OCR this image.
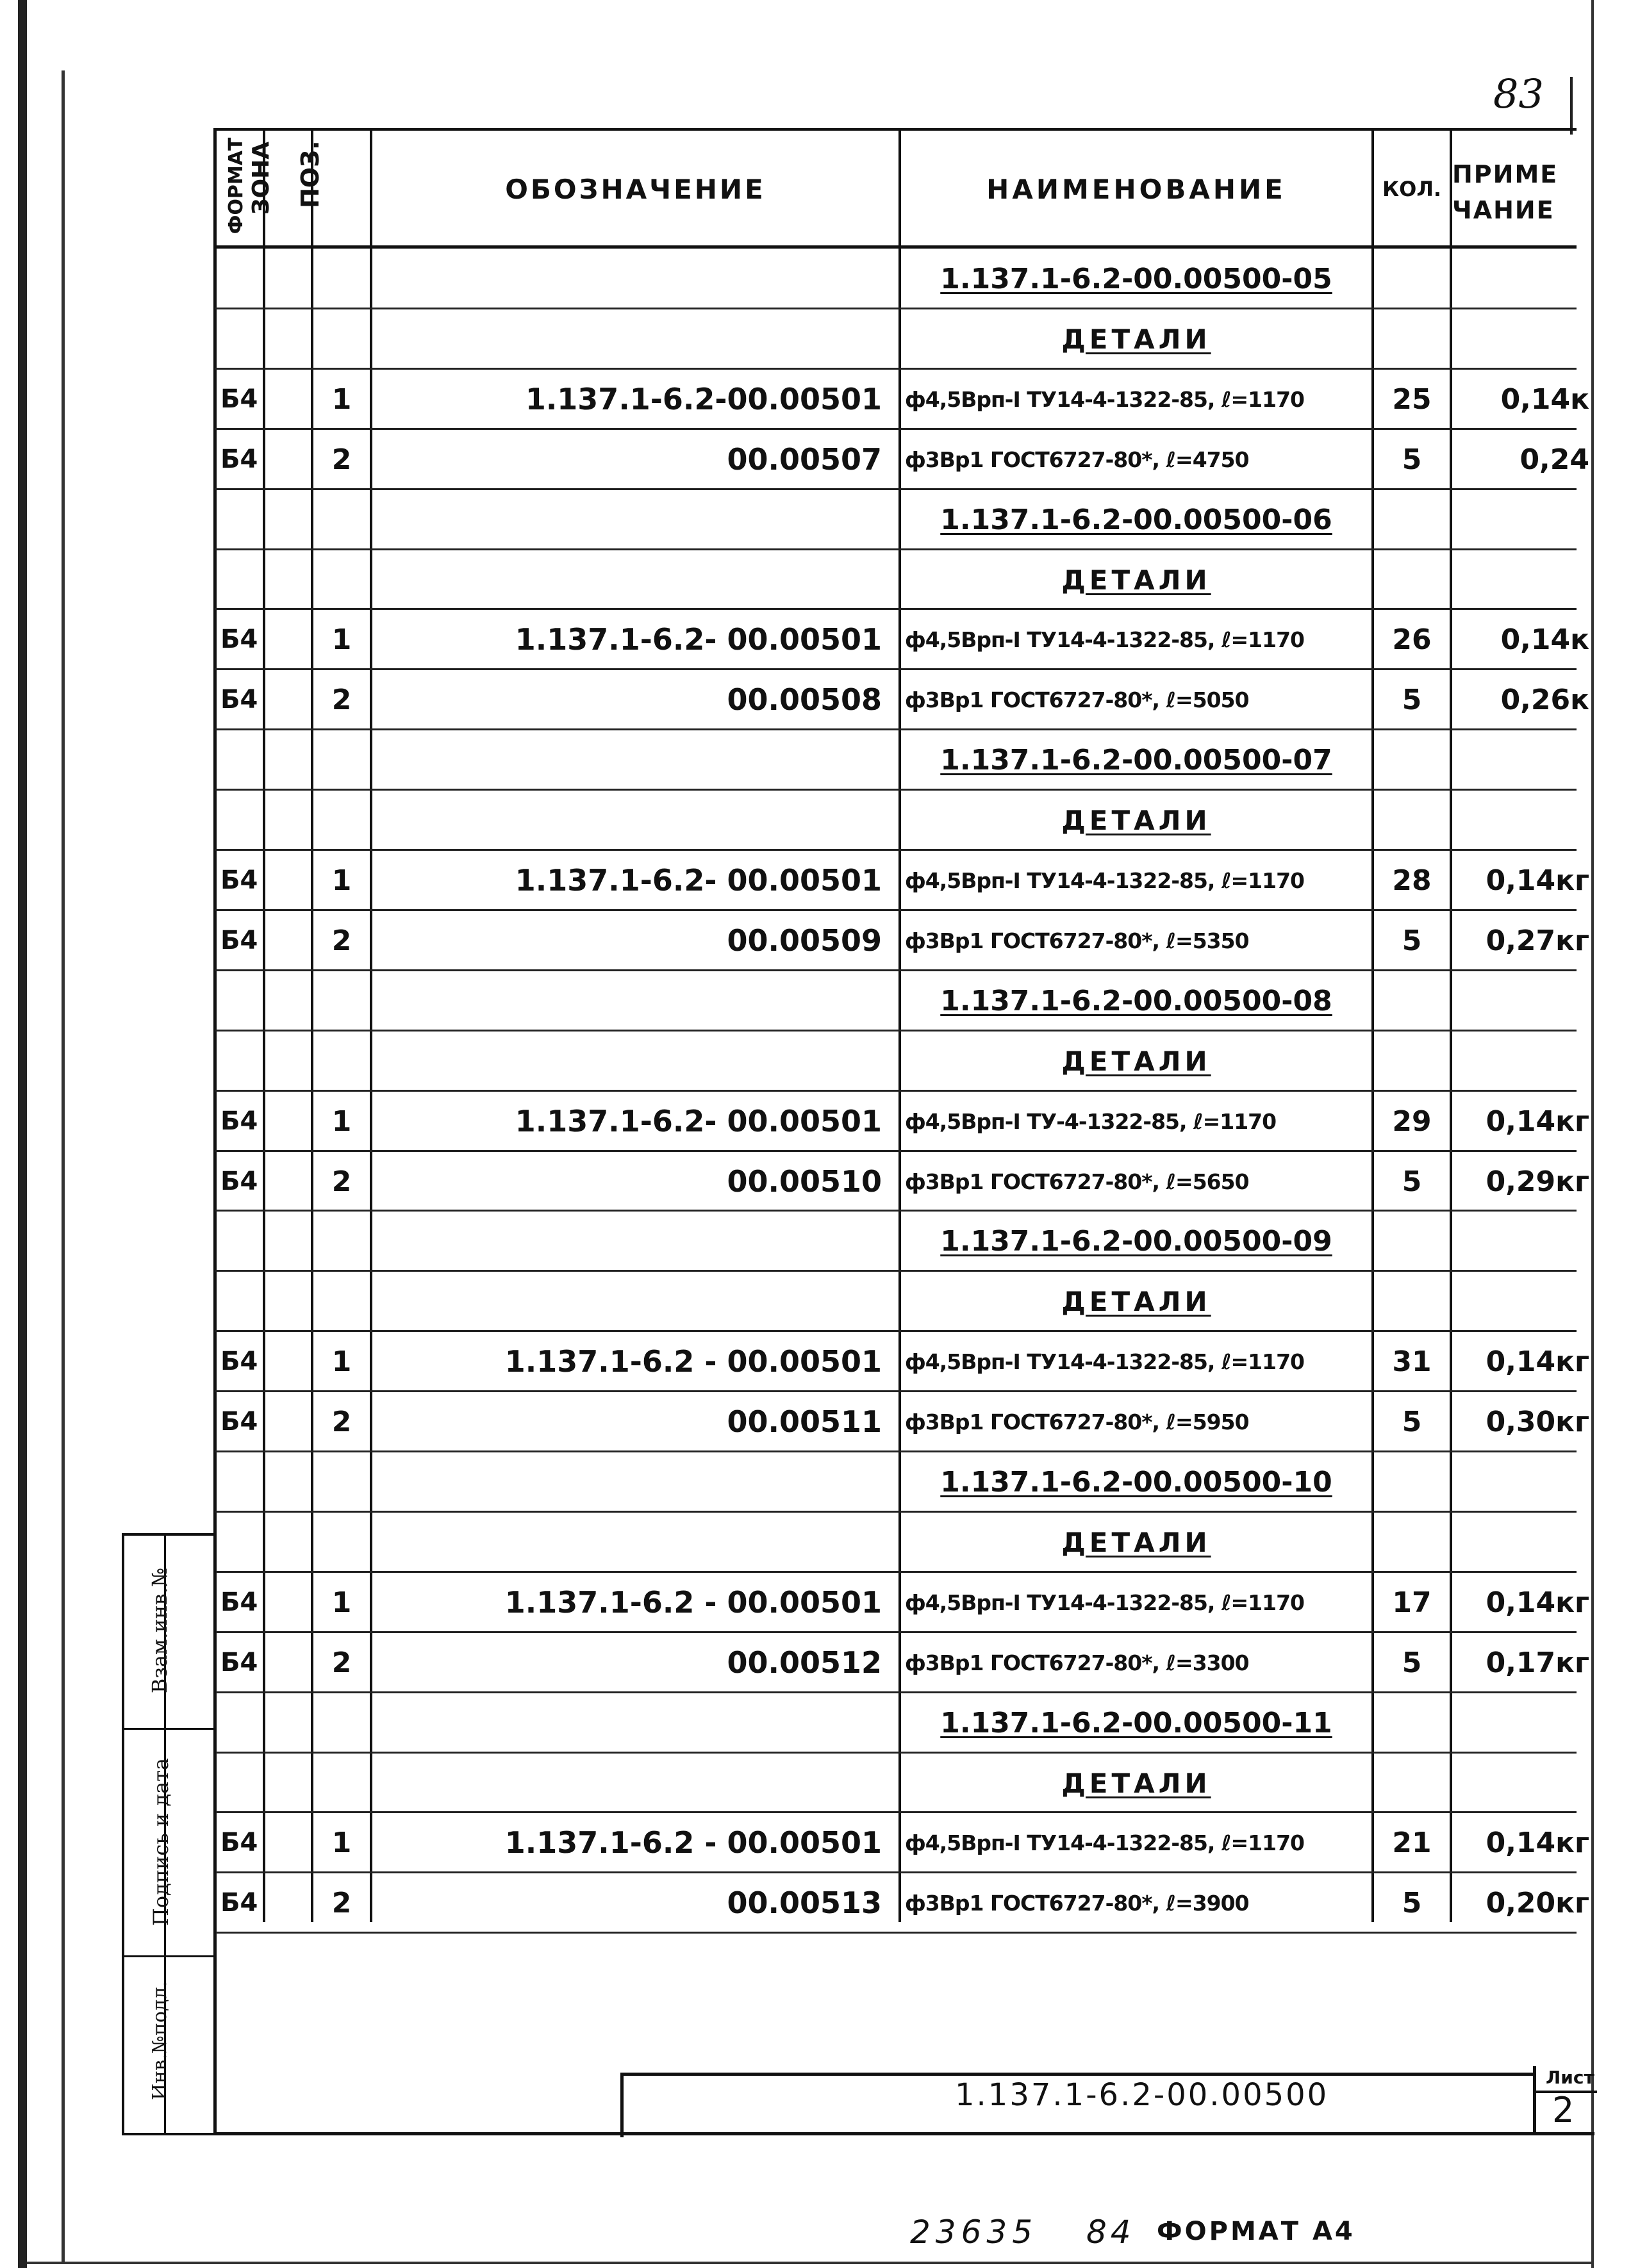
83
ФОРМАТ ЗОНА ПОЗ.	ОБОЗНАЧЕНИЕ	НАИМЕНОВАНИЕ	КОЛ.
ПРИМЕ
ЧАНИЕ
1.137.1-6.2-00.00500-05
ДЕТАЛИ
Б4	1	1.137.1-6.2-00.00501	ф4,5Врп-I ТУ14-4-1322-85, ℓ=1170	25	0,14к
Б4	2	00.00507	ф3Вр1 ГОСТ6727-80*, ℓ=4750	5	0,24
1.137.1-6.2-00.00500-06
ДЕТАЛИ
Б4	1	1.137.1-6.2- 00.00501	ф4,5Врп-I ТУ14-4-1322-85, ℓ=1170	26	0,14к
Б4	2	00.00508	ф3Вр1 ГОСТ6727-80*, ℓ=5050	5	0,26к
1.137.1-6.2-00.00500-07
ДЕТАЛИ
Б4	1	1.137.1-6.2- 00.00501	ф4,5Врп-I ТУ14-4-1322-85, ℓ=1170	28	0,14кг
Б4	2	00.00509	ф3Вр1 ГОСТ6727-80*, ℓ=5350	5	0,27кг
1.137.1-6.2-00.00500-08
ДЕТАЛИ
Б4	1	1.137.1-6.2- 00.00501	ф4,5Врп-I ТУ-4-1322-85, ℓ=1170	29	0,14кг
Б4	2	00.00510	ф3Вр1 ГОСТ6727-80*, ℓ=5650	5	0,29кг
1.137.1-6.2-00.00500-09
ДЕТАЛИ
Б4	1	1.137.1-6.2 - 00.00501	ф4,5Врп-I ТУ14-4-1322-85, ℓ=1170	31	0,14кг
Б4	2	00.00511	ф3Вр1 ГОСТ6727-80*, ℓ=5950	5	0,30кг
1.137.1-6.2-00.00500-10
ДЕТАЛИ
Б4	1	1.137.1-6.2 - 00.00501	ф4,5Врп-I ТУ14-4-1322-85, ℓ=1170	17	0,14кг
Б4	2	00.00512	ф3Вр1 ГОСТ6727-80*, ℓ=3300	5	0,17кг
1.137.1-6.2-00.00500-11
ДЕТАЛИ
Б4	1	1.137.1-6.2 - 00.00501	ф4,5Врп-I ТУ14-4-1322-85, ℓ=1170	21	0,14кг
Б4	2	00.00513	ф3Вр1 ГОСТ6727-80*, ℓ=3900	5	0,20кг
Взам.инв.№
Подпись и дата
Инв.№подл.	1.137.1-6.2-00.00500	Лист
2
23635 84 ФОРМАТ А4
